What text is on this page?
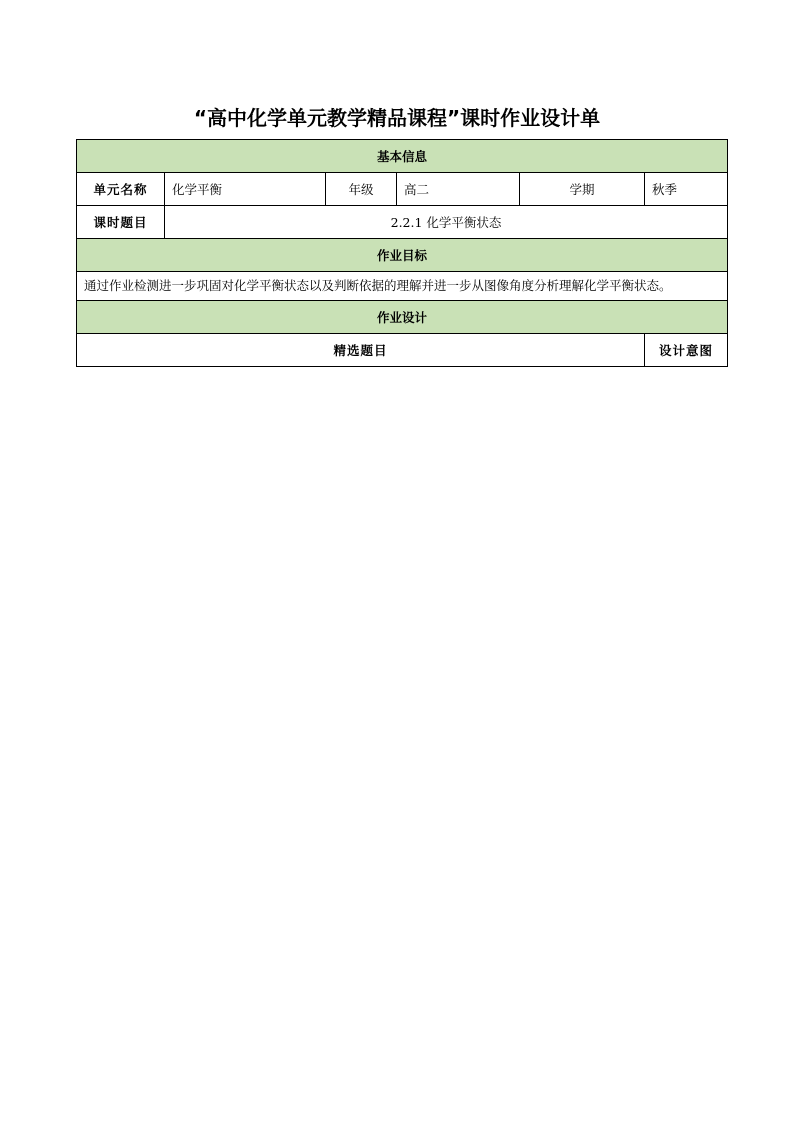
“高中化学单元教学精品课程”课时作业设计单
基本信息					
单元名称	化学平衡	年级	高二	学期	秋季
课时题目	2.2.1 化学平衡状态				
作业目标					
通过作业检测进一步巩固对化学平衡状态以及判断依据的理解并进一步从图像角度分析理解化学平衡状态。					
作业设计					
精选题目					设计意图
